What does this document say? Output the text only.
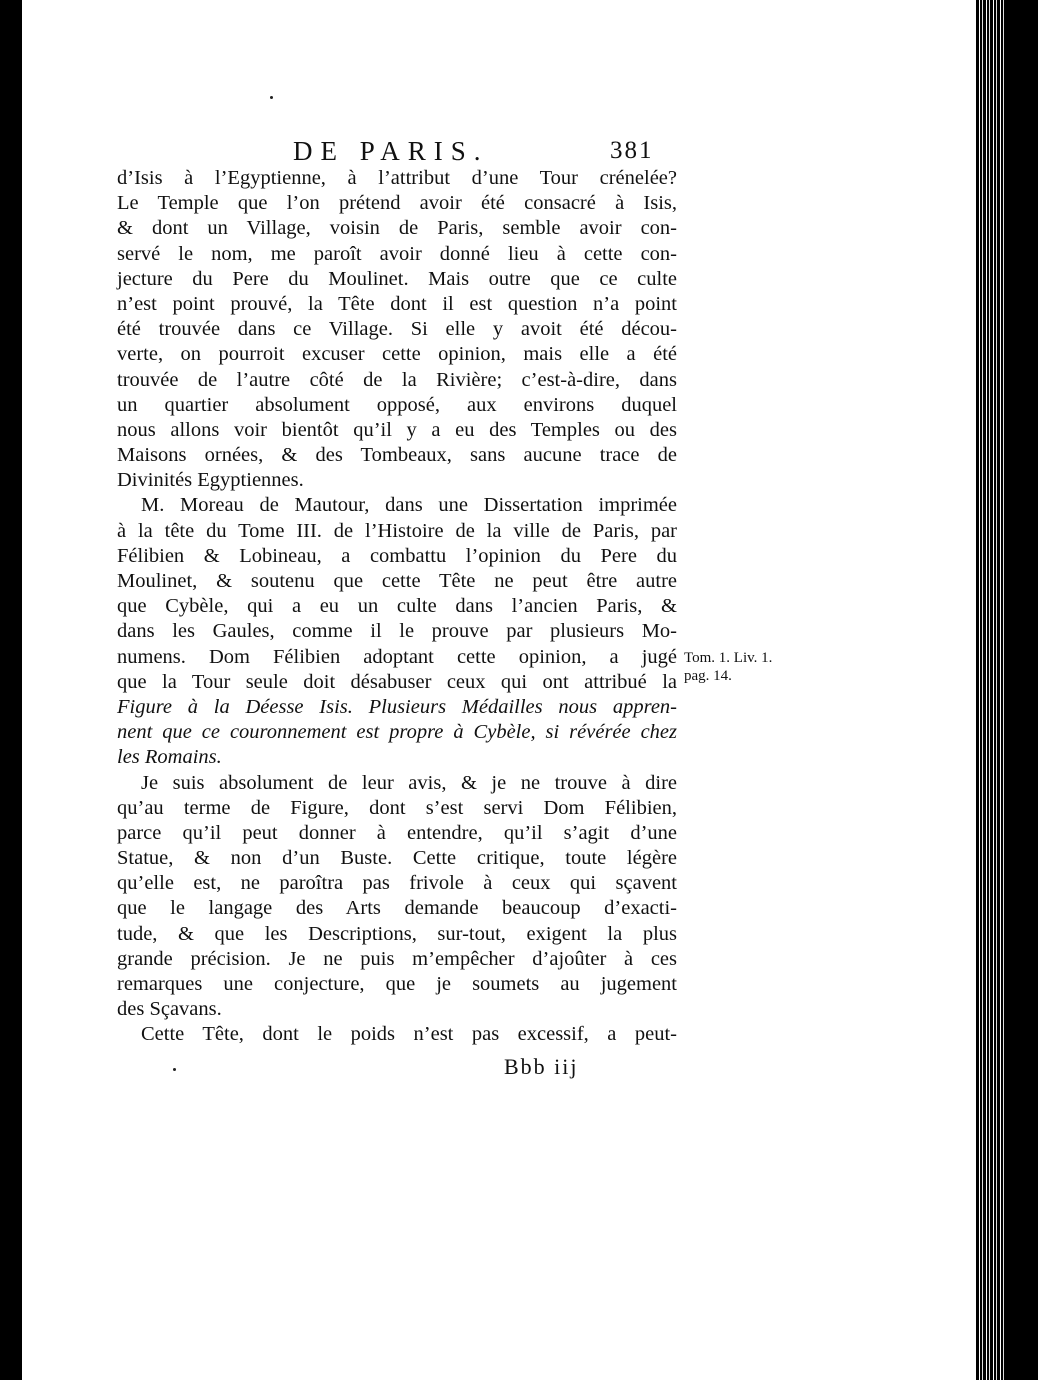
DE PARIS.	381
d’Isis à l’Egyptienne, à l’attribut d’une Tour crénelée?
Le Temple que l’on prétend avoir été consacré à Isis,
& dont un Village, voisin de Paris, semble avoir con-
servé le nom, me paroît avoir donné lieu à cette con-
jecture du Pere du Moulinet. Mais outre que ce culte
n’est point prouvé, la Tête dont il est question n’a point
été trouvée dans ce Village. Si elle y avoit été décou-
verte, on pourroit excuser cette opinion, mais elle a été
trouvée de l’autre côté de la Rivière; c’est-à-dire, dans
un quartier absolument opposé, aux environs duquel
nous allons voir bientôt qu’il y a eu des Temples ou des
Maisons ornées, & des Tombeaux, sans aucune trace de
Divinités Egyptiennes.
M. Moreau de Mautour, dans une Dissertation imprimée
à la tête du Tome III. de l’Histoire de la ville de Paris, par
Félibien & Lobineau, a combattu l’opinion du Pere du
Moulinet, & soutenu que cette Tête ne peut être autre
que Cybèle, qui a eu un culte dans l’ancien Paris, &
dans les Gaules, comme il le prouve par plusieurs Mo-
numens. Dom Félibien adoptant cette opinion, a jugé
que la Tour seule doit désabuser ceux qui ont attribué la
Figure à la Déesse Isis. Plusieurs Médailles nous appren-
nent que ce couronnement est propre à Cybèle, si révérée chez
les Romains.
Je suis absolument de leur avis, & je ne trouve à dire
qu’au terme de Figure, dont s’est servi Dom Félibien,
parce qu’il peut donner à entendre, qu’il s’agit d’une
Statue, & non d’un Buste. Cette critique, toute légère
qu’elle est, ne paroîtra pas frivole à ceux qui sçavent
que le langage des Arts demande beaucoup d’exacti-
tude, & que les Descriptions, sur-tout, exigent la plus
grande précision. Je ne puis m’empêcher d’ajoûter à ces
remarques une conjecture, que je soumets au jugement
des Sçavans.
Cette Tête, dont le poids n’est pas excessif, a peut-
Tom. 1. Liv. 1.
pag. 14.
Bbb iij
